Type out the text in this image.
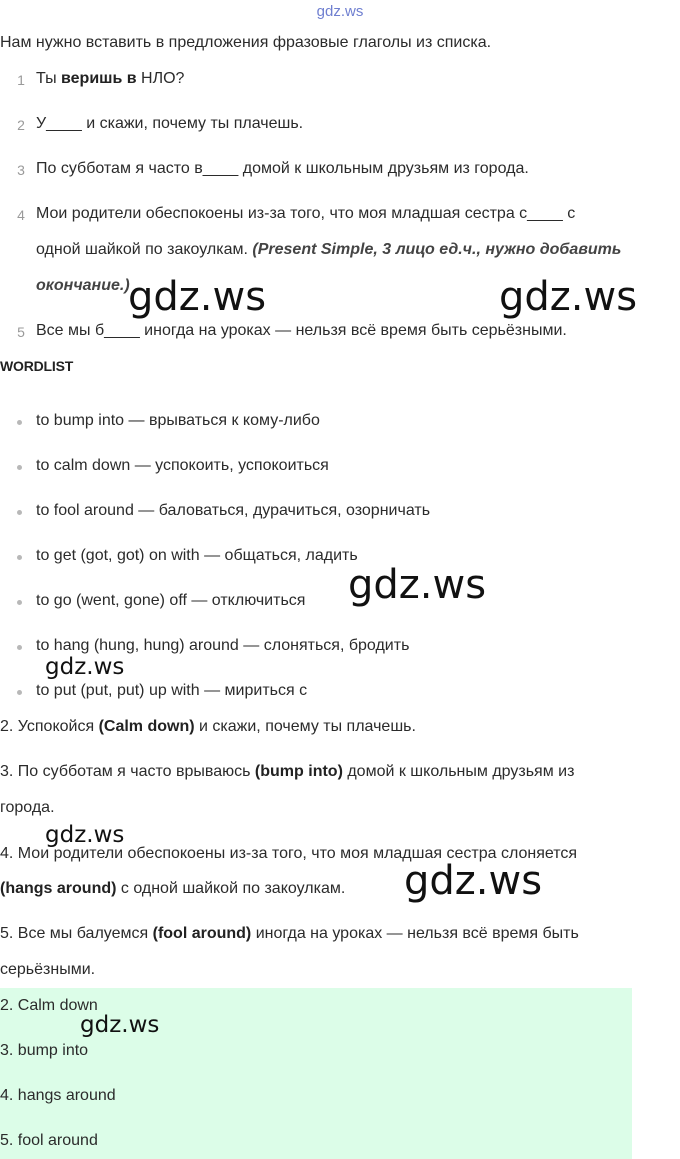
gdz.ws
Нам нужно вставить в предложения фразовые глаголы из списка.
1 Ты веришь в НЛО?
2 У____ и скажи, почему ты плачешь.
3 По субботам я часто в____ домой к школьным друзьям из города.
4 Мои родители обеспокоены из-за того, что моя младшая сестра с____ с
одной шайкой по закоулкам. (Present Simple, 3 лицо ед.ч., нужно добавить
окончание.)
5 Все мы б____ иногда на уроках — нельзя всё время быть серьёзными.
WORDLIST
to bump into — врываться к кому-либо
to calm down — успокоить, успокоиться
to fool around — баловаться, дурачиться, озорничать
to get (got, got) on with — общаться, ладить
to go (went, gone) off — отключиться
to hang (hung, hung) around — слоняться, бродить
to put (put, put) up with — мириться с
2. Успокойся (Calm down) и скажи, почему ты плачешь.
3. По субботам я часто врываюсь (bump into) домой к школьным друзьям из
города.
4. Мои родители обеспокоены из-за того, что моя младшая сестра слоняется
(hangs around) с одной шайкой по закоулкам.
5. Все мы балуемся (fool around) иногда на уроках — нельзя всё время быть
серьёзными.
2. Calm down
3. bump into
4. hangs around
5. fool around
gdz.ws	gdz.ws
gdz.ws
gdz.ws
gdz.ws
gdz.ws
gdz.ws
